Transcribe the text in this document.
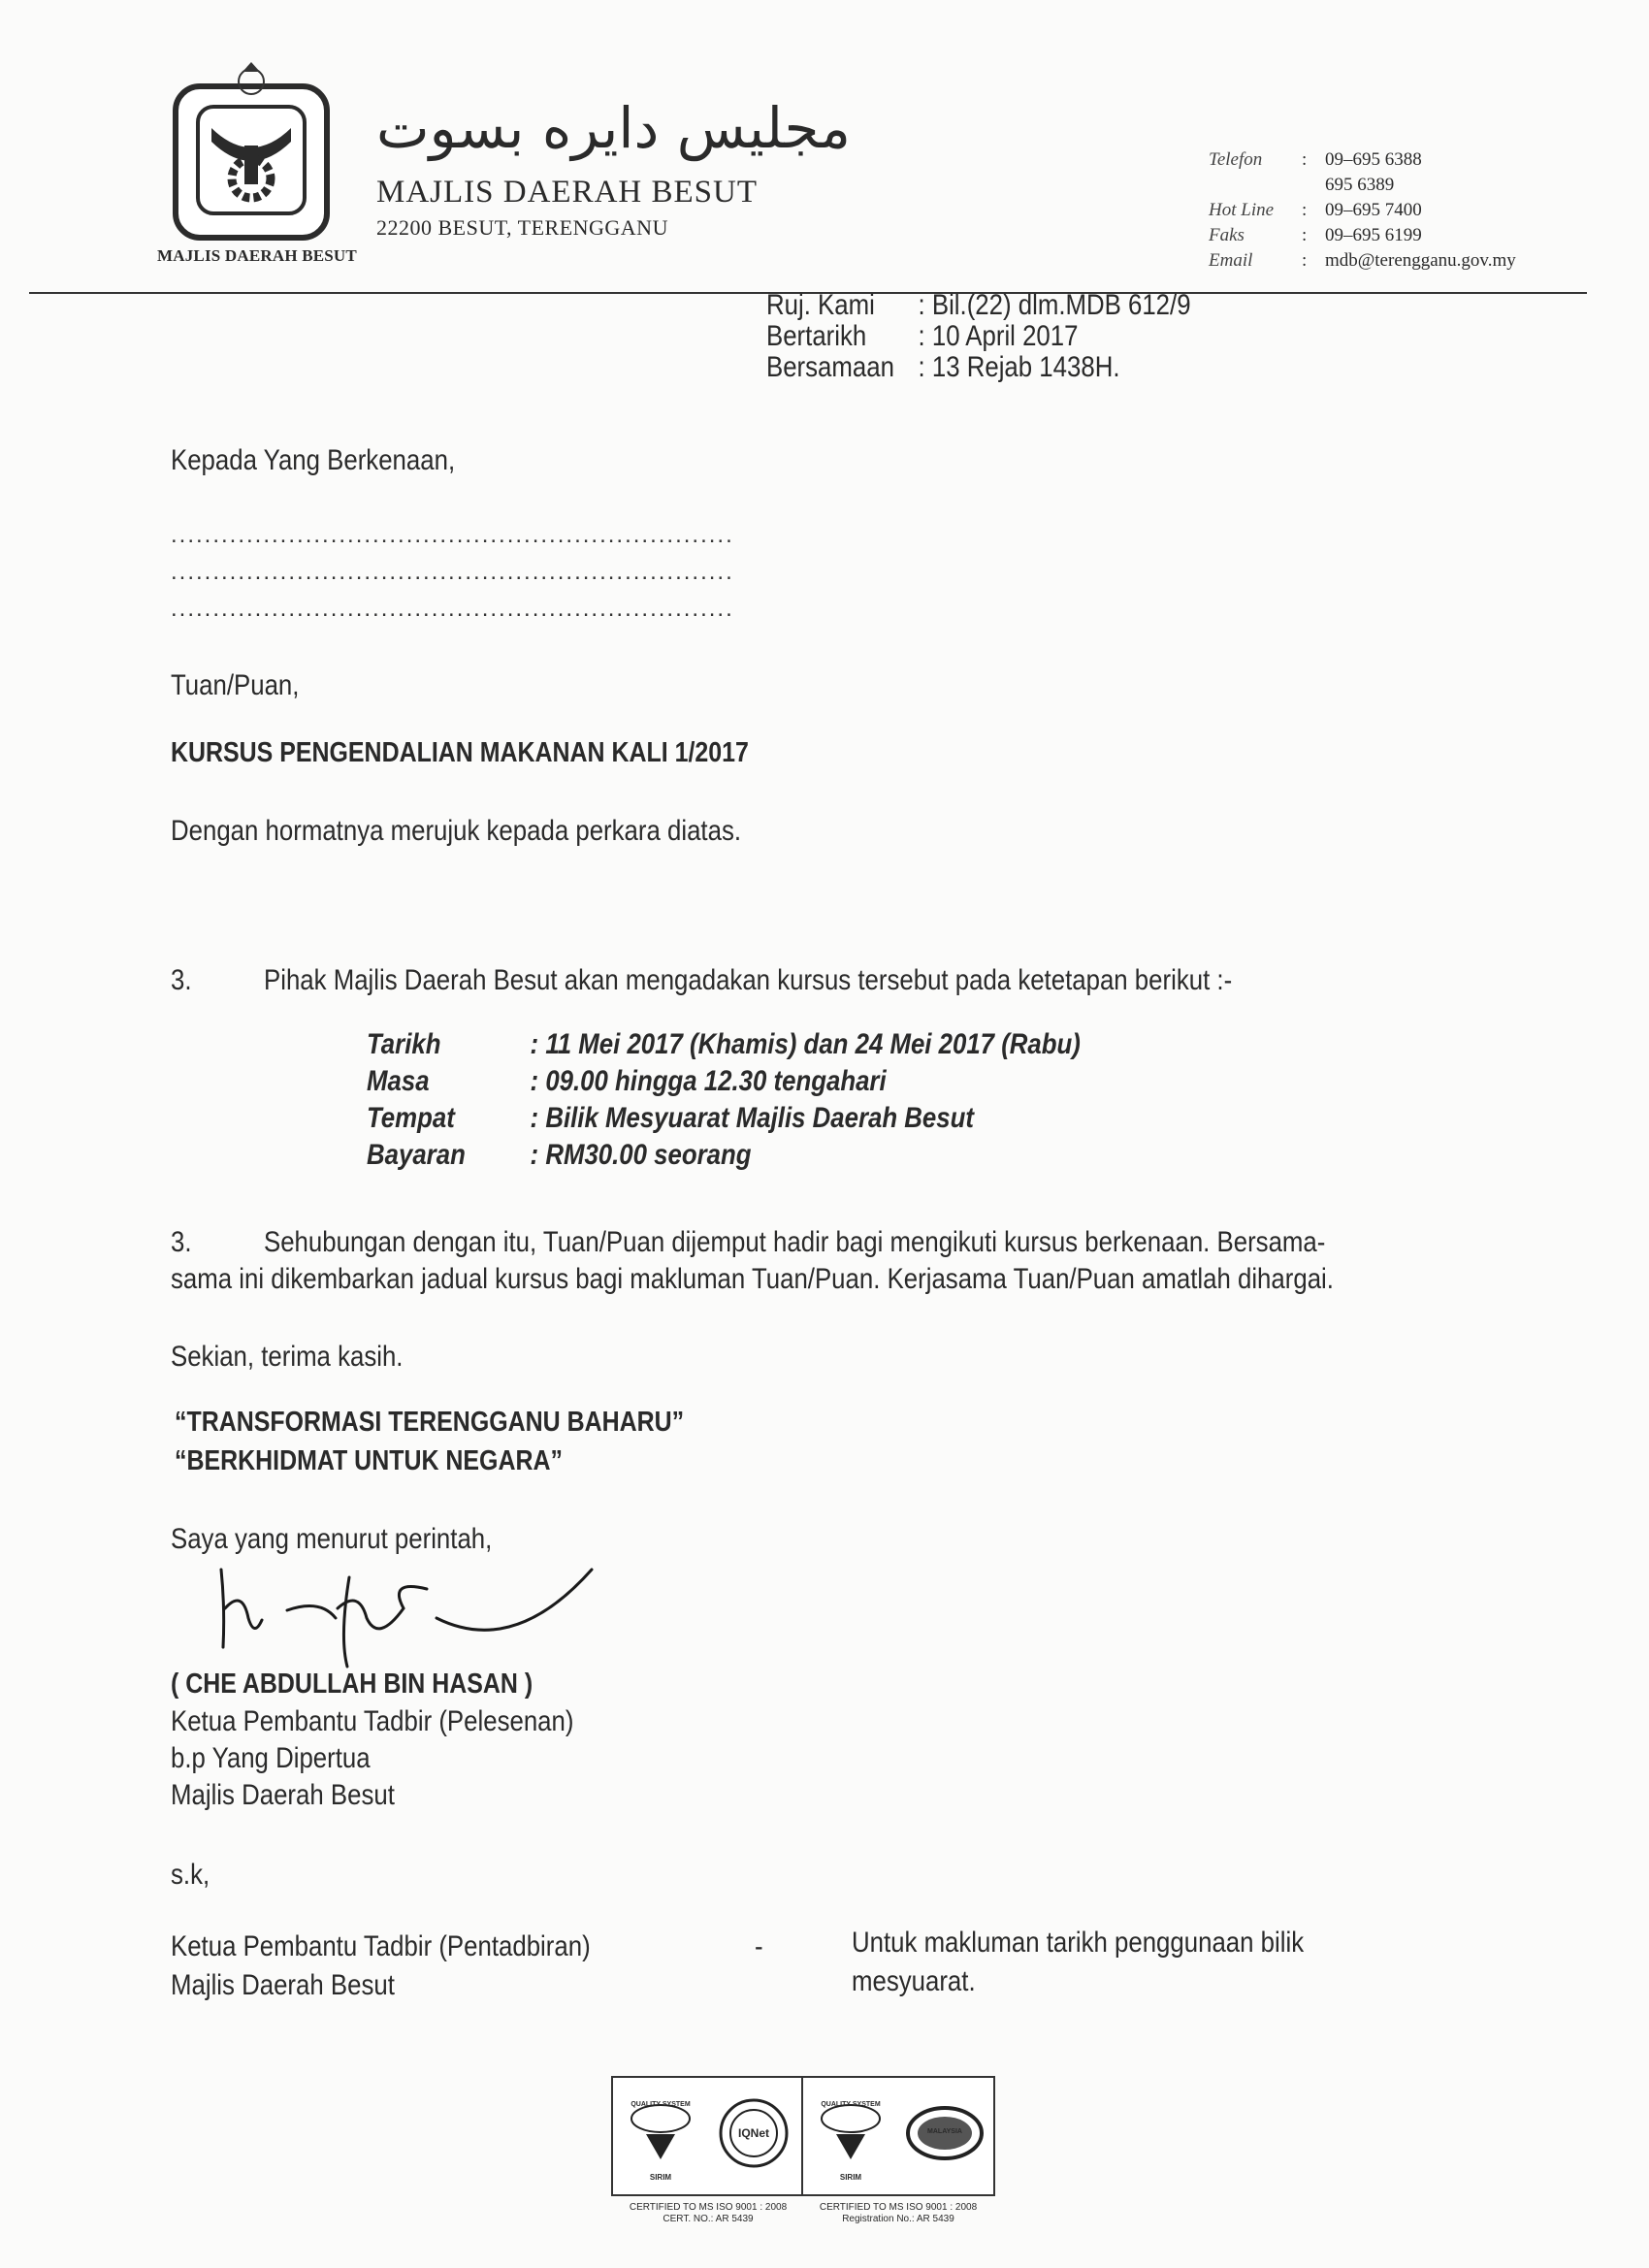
MAJLIS DAERAH BESUT
مجليس دايره بسوت
MAJLIS DAERAH BESUT
22200 BESUT, TERENGGANU
Telefon	: 09–695 6388
695 6389
Hot Line	: 09–695 7400
Faks	: 09–695 6199
Email	: mdb@terengganu.gov.my
Ruj. Kami	: Bil.(22) dlm.MDB 612/9
Bertarikh	: 10 April 2017
Bersamaan : 13 Rejab 1438H.
Kepada Yang Berkenaan,
...................................................................
...................................................................
...................................................................
Tuan/Puan,
KURSUS PENGENDALIAN MAKANAN KALI 1/2017
Dengan hormatnya merujuk kepada perkara diatas.
3. Pihak Majlis Daerah Besut akan mengadakan kursus tersebut pada ketetapan berikut :-
Tarikh	: 11 Mei 2017 (Khamis) dan 24 Mei 2017 (Rabu)
Masa	: 09.00 hingga 12.30 tengahari
Tempat	: Bilik Mesyuarat Majlis Daerah Besut
Bayaran	: RM30.00 seorang
3. Sehubungan dengan itu, Tuan/Puan dijemput hadir bagi mengikuti kursus berkenaan. Bersama-
sama ini dikembarkan jadual kursus bagi makluman Tuan/Puan. Kerjasama Tuan/Puan amatlah dihargai.
Sekian, terima kasih.
“TRANSFORMASI TERENGGANU BAHARU”
“BERKHIDMAT UNTUK NEGARA”
Saya yang menurut perintah,
( CHE ABDULLAH BIN HASAN )
Ketua Pembantu Tadbir (Pelesenan)
b.p Yang Dipertua
Majlis Daerah Besut
s.k,
Ketua Pembantu Tadbir (Pentadbiran)
Majlis Daerah Besut
-	Untuk makluman tarikh penggunaan bilik
mesyuarat.
QUALITY SYSTEM
SIRIM
IQNet
CERTIFIED TO MS ISO 9001 : 2008
CERT. NO.: AR 5439
QUALITY SYSTEM
SIRIM
MALAYSIA
CERTIFIED TO MS ISO 9001 : 2008
Registration No.: AR 5439
